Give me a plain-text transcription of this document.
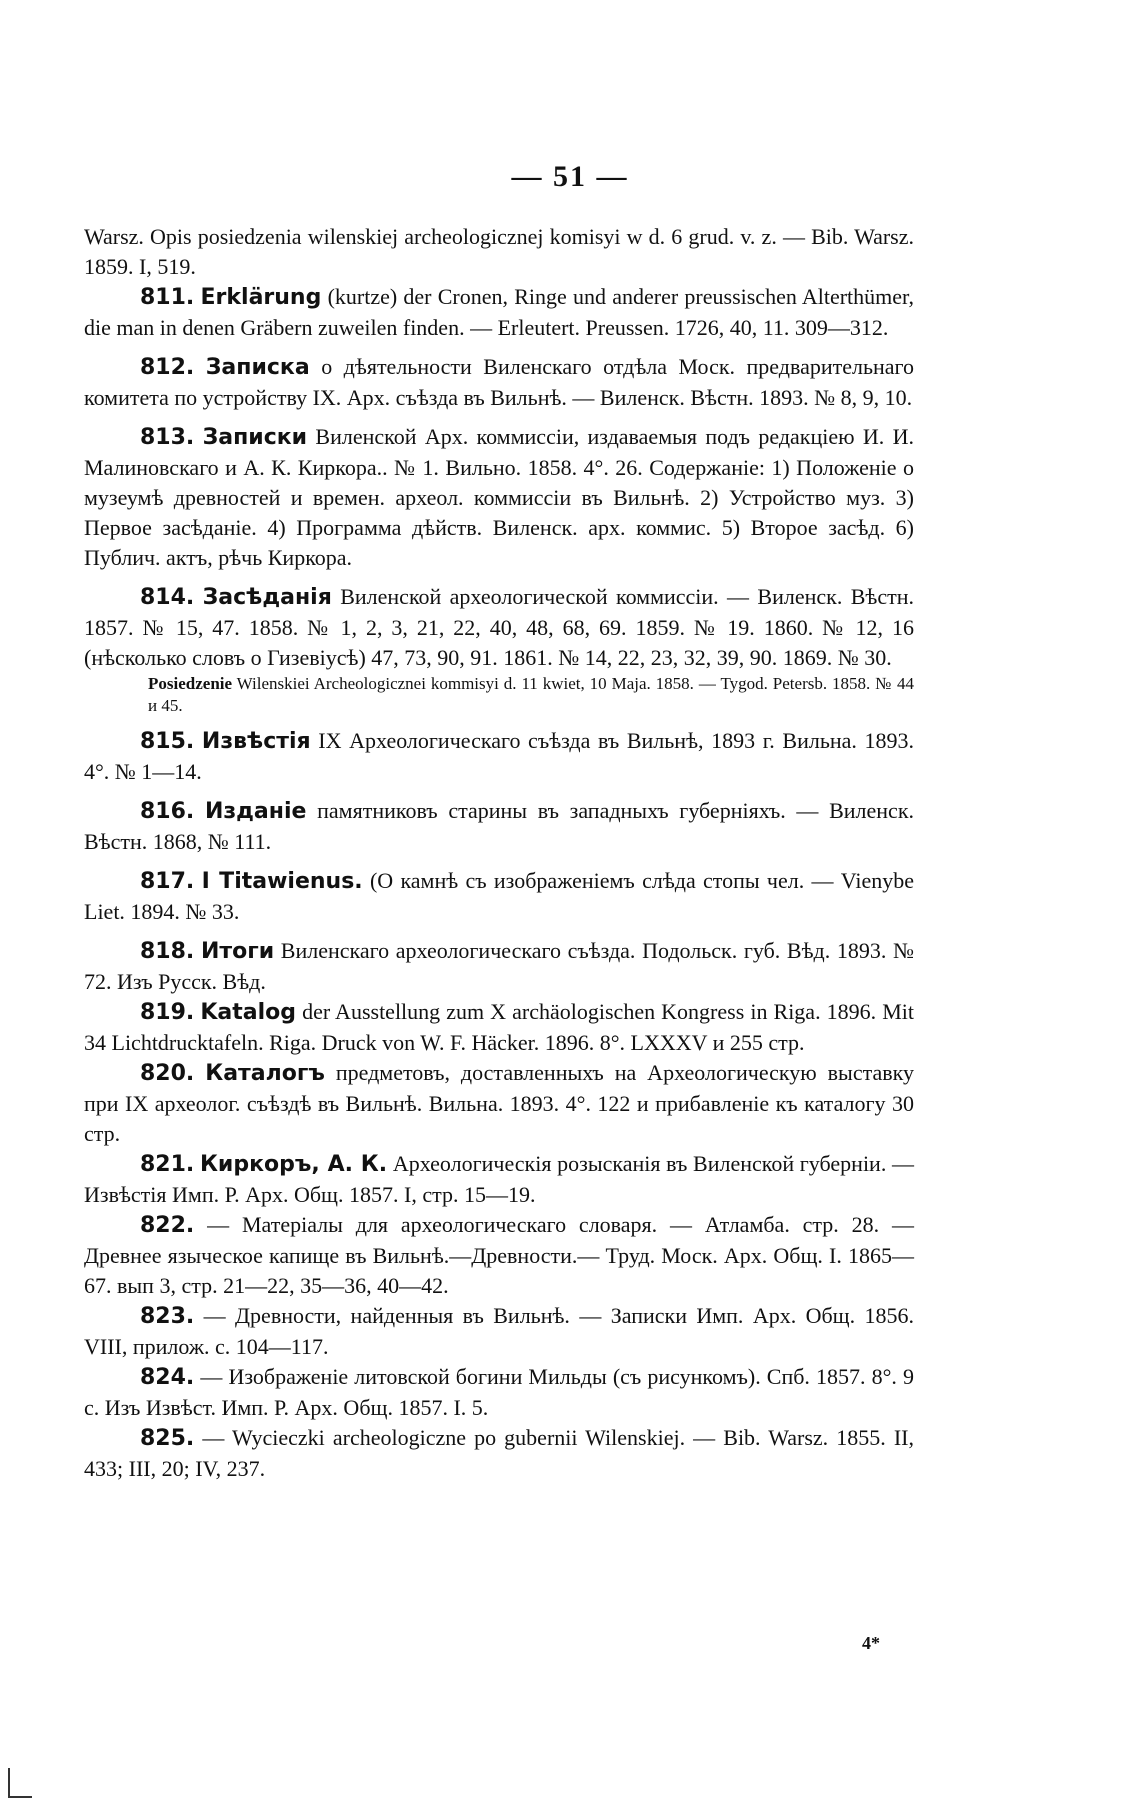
— 51 —

Warsz. Opis posiedzenia wilenskiej archeologicznej komisyi w d. 6 grud. v. z. — Bib. Warsz. 1859. I, 519.

811. Erklärung (kurtze) der Cronen, Ringe und anderer preussischen Alterthümer, die man in denen Gräbern zuweilen finden. — Erleutert. Preussen. 1726, 40, 11. 309—312.

812. Записка о дѣятельности Виленскаго отдѣла Моск. предварительнаго комитета по устройству IX. Арх. съѣзда въ Вильнѣ. — Виленск. Вѣстн. 1893. № 8, 9, 10.

813. Записки Виленской Арх. коммиссіи, издаваемыя подъ редакціею И. И. Малиновскаго и А. К. Киркора.. № 1. Вильно. 1858. 4°. 26. Содержаніе: 1) Положеніе о музеумѣ древностей и времен. археол. коммиссіи въ Вильнѣ. 2) Устройство муз. 3) Первое засѣданіе. 4) Программа дѣйств. Виленск. арх. коммис. 5) Второе засѣд. 6) Публич. актъ, рѣчь Киркора.

814. Засѣданія Виленской археологической коммиссіи. — Виленск. Вѣстн. 1857. № 15, 47. 1858. № 1, 2, 3, 21, 22, 40, 48, 68, 69. 1859. № 19. 1860. № 12, 16 (нѣсколько словъ о Гизевіусѣ) 47, 73, 90, 91. 1861. № 14, 22, 23, 32, 39, 90. 1869. № 30.

Posiedzenie Wilenskiei Archeologicznei kommisyi d. 11 kwiet, 10 Maja. 1858. — Tygod. Petersb. 1858. № 44 и 45.

815. Извѣстія IX Археологическаго съѣзда въ Вильнѣ, 1893 г. Вильна. 1893. 4°. № 1—14.

816. Изданіе памятниковъ старины въ западныхъ губерніяхъ. — Виленск. Вѣстн. 1868, № 111.

817. I Titawienus. (О камнѣ съ изображеніемъ слѣда стопы чел. — Vienybe Liet. 1894. № 33.

818. Итоги Виленскаго археологическаго съѣзда. Подольск. губ. Вѣд. 1893. № 72. Изъ Русск. Вѣд.

819. Katalog der Ausstellung zum X archäologischen Kongress in Riga. 1896. Mit 34 Lichtdrucktafeln. Riga. Druck von W. F. Häcker. 1896. 8°. LXXXV и 255 стр.

820. Каталогъ предметовъ, доставленныхъ на Археологическую выставку при IX археолог. съѣздѣ въ Вильнѣ. Вильна. 1893. 4°. 122 и прибавленіе къ каталогу 30 стр.

821. Киркоръ, А. К. Археологическія розысканія въ Виленской губерніи. — Извѣстія Имп. Р. Арх. Общ. 1857. I, стр. 15—19.

822. — Матеріалы для археологическаго словаря. — Атламба. стр. 28. — Древнее языческое капище въ Вильнѣ.—Древности.— Труд. Моск. Арх. Общ. I. 1865—67. вып 3, стр. 21—22, 35—36, 40—42.

823. — Древности, найденныя въ Вильнѣ. — Записки Имп. Арх. Общ. 1856. VIII, прилож. с. 104—117.

824. — Изображеніе литовской богини Мильды (съ рисункомъ). Спб. 1857. 8°. 9 с. Изъ Извѣст. Имп. Р. Арх. Общ. 1857. I. 5.

825. — Wycieczki archeologiczne po gubernii Wilenskiej. — Bib. Warsz. 1855. II, 433; III, 20; IV, 237.

4*
